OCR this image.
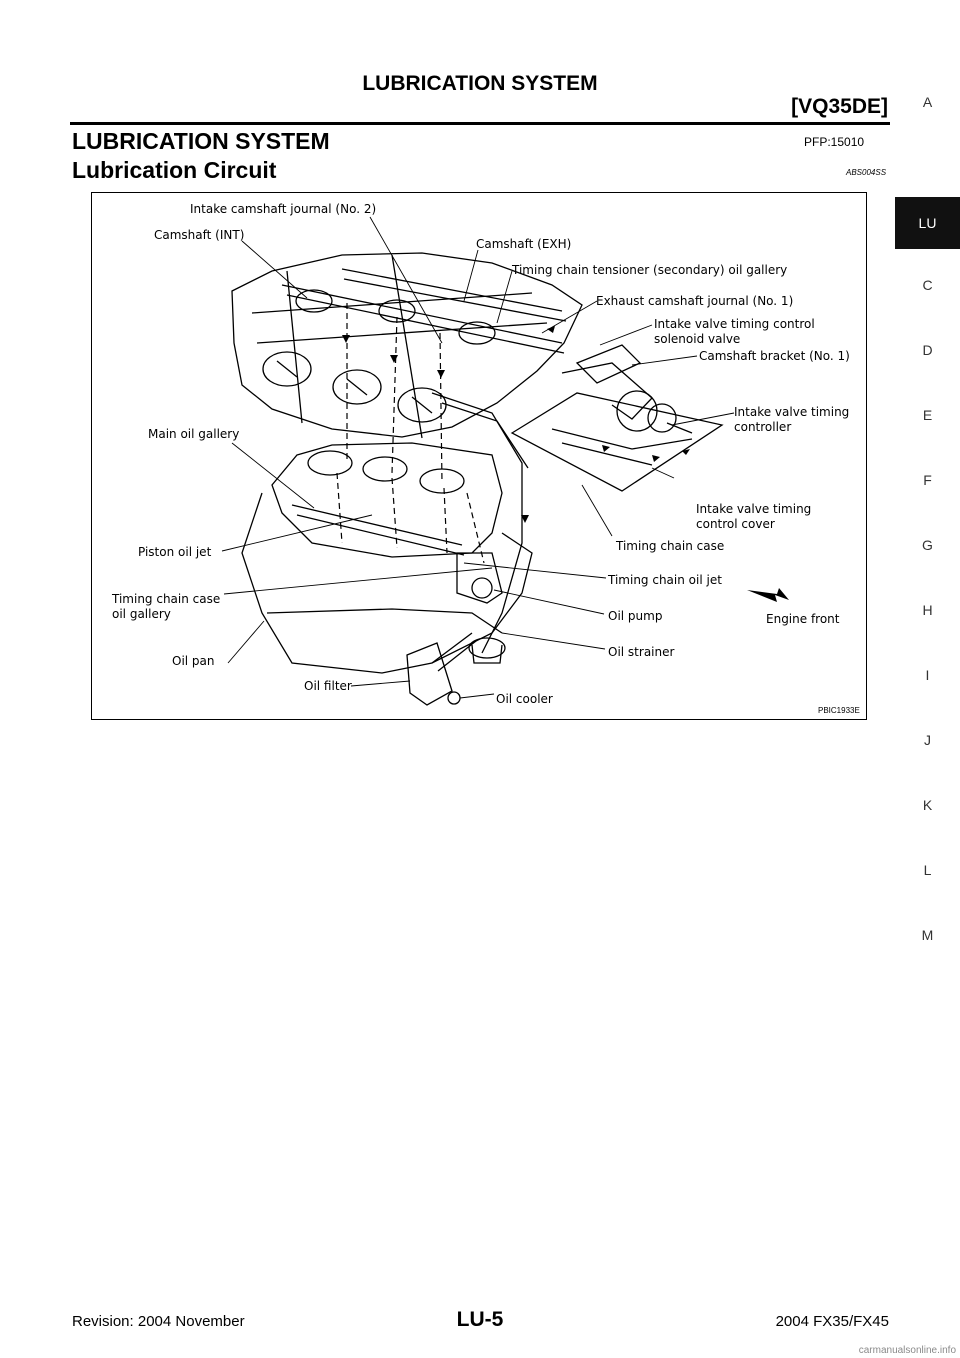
LUBRICATION SYSTEM
[VQ35DE]
LUBRICATION SYSTEM	PFP:15010
Lubrication Circuit	ABS004SS
Intake camshaft journal (No. 2)
Camshaft (INT)
Camshaft (EXH)
Timing chain tensioner (secondary) oil gallery
Exhaust camshaft journal (No. 1)
Intake valve timing control
solenoid valve
Camshaft bracket (No. 1)
Intake valve timing
controller
Main oil gallery
Intake valve timing
control cover
Timing chain case
Piston oil jet
Timing chain oil jet
Timing chain case
oil gallery	Oil pump	Engine front
Oil pan
Oil strainer
Oil filter
Oil cooler
PBIC1933E
A
LU
C
D
E
F
G
H
I
J
K
L
M
Revision: 2004 November	LU-5	2004 FX35/FX45
carmanualsonline.info
